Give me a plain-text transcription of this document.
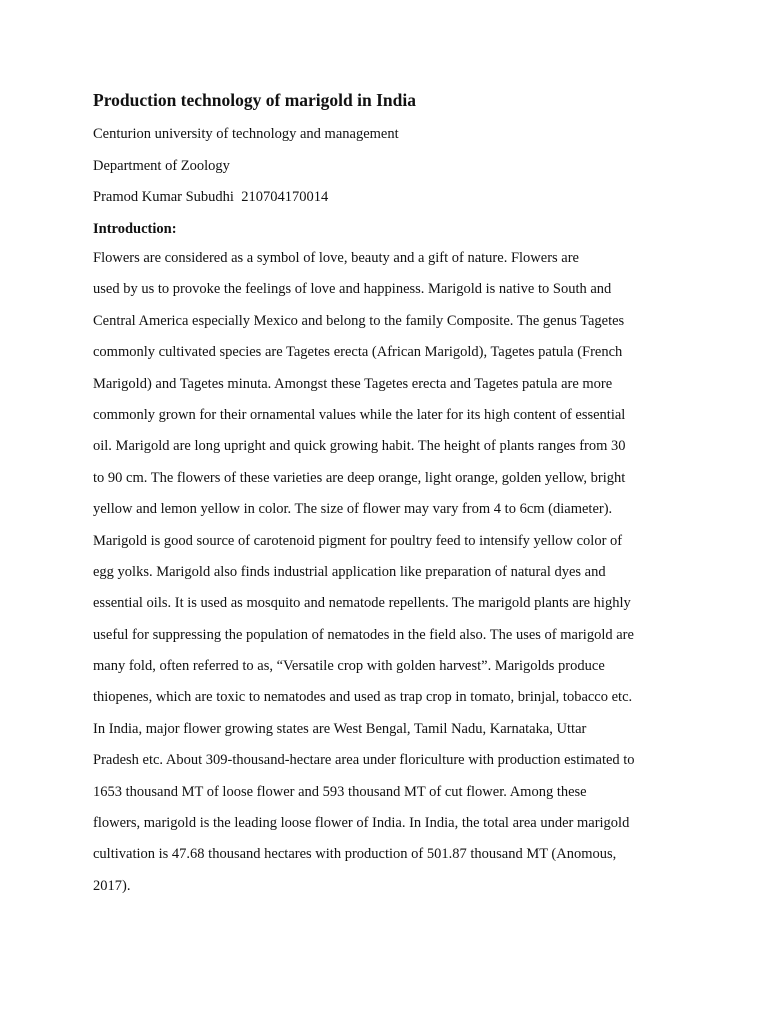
Production technology of marigold in India

Centurion university of technology and management

Department of Zoology

Pramod Kumar Subudhi  210704170014

Introduction:
Flowers are considered as a symbol of love, beauty and a gift of nature. Flowers are
used by us to provoke the feelings of love and happiness. Marigold is native to South and
Central America especially Mexico and belong to the family Composite. The genus Tagetes
commonly cultivated species are Tagetes erecta (African Marigold), Tagetes patula (French
Marigold) and Tagetes minuta. Amongst these Tagetes erecta and Tagetes patula are more
commonly grown for their ornamental values while the later for its high content of essential
oil. Marigold are long upright and quick growing habit. The height of plants ranges from 30
to 90 cm. The flowers of these varieties are deep orange, light orange, golden yellow, bright
yellow and lemon yellow in color. The size of flower may vary from 4 to 6cm (diameter).
Marigold is good source of carotenoid pigment for poultry feed to intensify yellow color of
egg yolks. Marigold also finds industrial application like preparation of natural dyes and
essential oils. It is used as mosquito and nematode repellents. The marigold plants are highly
useful for suppressing the population of nematodes in the field also. The uses of marigold are
many fold, often referred to as, “Versatile crop with golden harvest”. Marigolds produce
thiopenes, which are toxic to nematodes and used as trap crop in tomato, brinjal, tobacco etc.
In India, major flower growing states are West Bengal, Tamil Nadu, Karnataka, Uttar
Pradesh etc. About 309-thousand-hectare area under floriculture with production estimated to
1653 thousand MT of loose flower and 593 thousand MT of cut flower. Among these
flowers, marigold is the leading loose flower of India. In India, the total area under marigold
cultivation is 47.68 thousand hectares with production of 501.87 thousand MT (Anomous,
2017).
